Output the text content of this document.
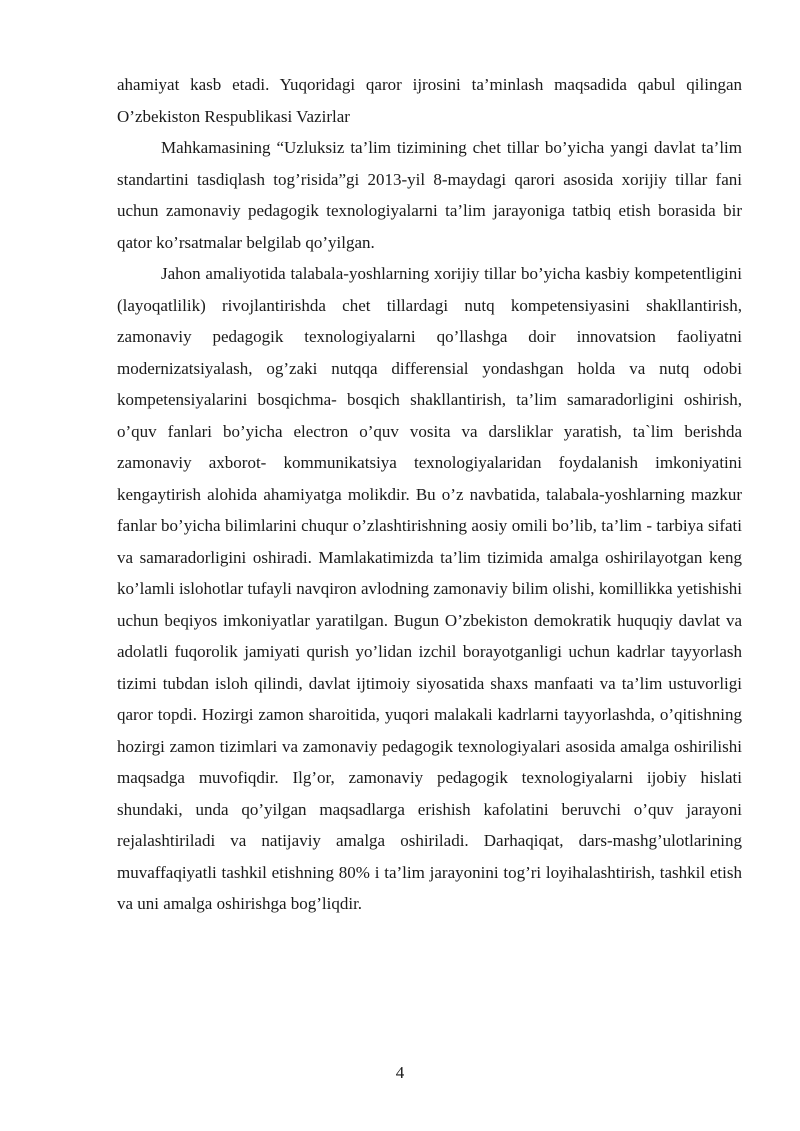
ahamiyat kasb etadi. Yuqoridagi qaror ijrosini ta’minlash maqsadida qabul qilingan O’zbekiston Respublikasi Vazirlar

Mahkamasining “Uzluksiz ta’lim tizimining chet tillar bo’yicha yangi davlat ta’lim standartini tasdiqlash tog’risida”gi 2013-yil 8-maydagi qarori asosida xorijiy tillar fani uchun zamonaviy pedagogik texnologiyalarni ta’lim jarayoniga tatbiq etish borasida bir qator ko’rsatmalar belgilab qo’yilgan.

Jahon amaliyotida talabala-yoshlarning xorijiy tillar bo’yicha kasbiy kompetentligini (layoqatlilik) rivojlantirishda chet tillardagi nutq kompetensiyasini shakllantirish, zamonaviy pedagogik texnologiyalarni qo’llashga doir innovatsion faoliyatni modernizatsiyalash, og’zaki nutqqa differensial yondashgan holda va nutq odobi kompetensiyalarini bosqichma- bosqich shakllantirish, ta’lim samaradorligini oshirish, o’quv fanlari bo’yicha electron o’quv vosita va darsliklar yaratish, ta`lim berishda zamonaviy axborot- kommunikatsiya texnologiyalaridan foydalanish imkoniyatini kengaytirish alohida ahamiyatga molikdir. Bu o’z navbatida, talabala-yoshlarning mazkur fanlar bo’yicha bilimlarini chuqur o’zlashtirishning aosiy omili bo’lib, ta’lim - tarbiya sifati va samaradorligini oshiradi. Mamlakatimizda ta’lim tizimida amalga oshirilayotgan keng ko’lamli islohotlar tufayli navqiron avlodning zamonaviy bilim olishi, komillikka yetishishi uchun beqiyos imkoniyatlar yaratilgan. Bugun O’zbekiston demokratik huquqiy davlat va adolatli fuqorolik jamiyati qurish yo’lidan izchil borayotganligi uchun kadrlar tayyorlash tizimi tubdan isloh qilindi, davlat ijtimoiy siyosatida shaxs manfaati va ta’lim ustuvorligi qaror topdi. Hozirgi zamon sharoitida, yuqori malakali kadrlarni tayyorlashda, o’qitishning hozirgi zamon tizimlari va zamonaviy pedagogik texnologiyalari asosida amalga oshirilishi maqsadga muvofiqdir. Ilg’or, zamonaviy pedagogik texnologiyalarni ijobiy hislati shundaki, unda qo’yilgan maqsadlarga erishish kafolatini beruvchi o’quv jarayoni rejalashtiriladi va natijaviy amalga oshiriladi. Darhaqiqat, dars-mashg’ulotlarining muvaffaqiyatli tashkil etishning 80% i ta’lim jarayonini tog’ri loyihalashtirish, tashkil etish va uni amalga oshirishga bog’liqdir.

4
